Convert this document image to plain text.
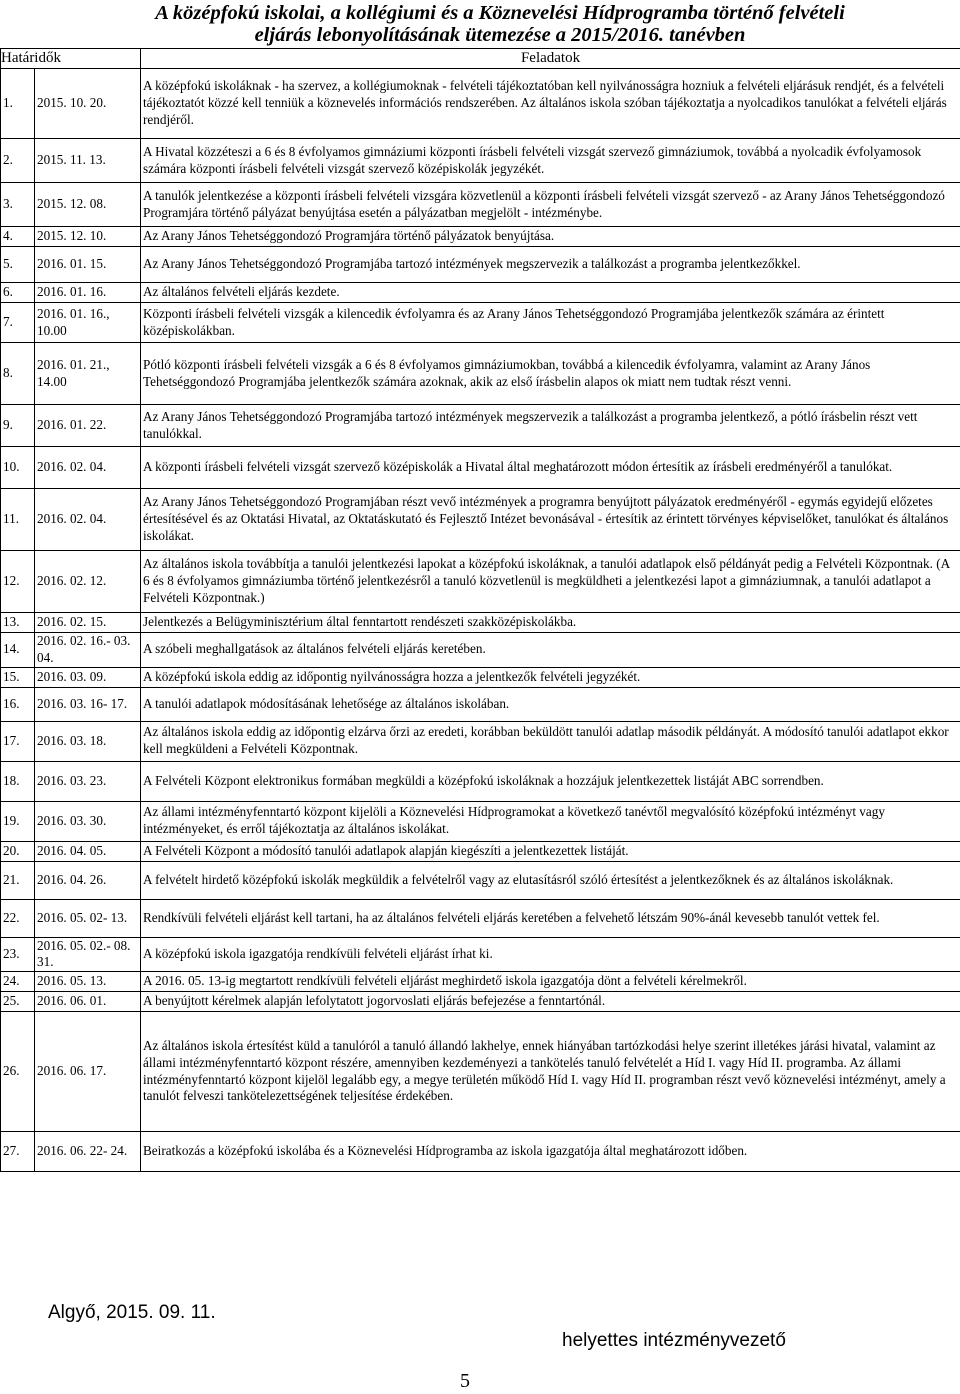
A középfokú iskolai, a kollégiumi és a Köznevelési Hídprogramba történő felvételi
eljárás lebonyolításának ütemezése a 2015/2016. tanévben
Határidők		Feladatok
1.	2015. 10. 20.	A középfokú iskoláknak - ha szervez, a kollégiumoknak - felvételi tájékoztatóban kell nyilvánosságra hozniuk a felvételi eljárásuk rendjét, és a felvételi tájékoztatót közzé kell tenniük a köznevelés információs rendszerében. Az általános iskola szóban tájékoztatja a nyolcadikos tanulókat a felvételi eljárás rendjéről.
2.	2015. 11. 13.	A Hivatal közzéteszi a 6 és 8 évfolyamos gimnáziumi központi írásbeli felvételi vizsgát szervező gimnáziumok, továbbá a nyolcadik évfolyamosok számára központi írásbeli felvételi vizsgát szervező középiskolák jegyzékét.
3.	2015. 12. 08.	A tanulók jelentkezése a központi írásbeli felvételi vizsgára közvetlenül a központi írásbeli felvételi vizsgát szervező - az Arany János Tehetséggondozó Programjára történő pályázat benyújtása esetén a pályázatban megjelölt - intézménybe.
4.	2015. 12. 10.	Az Arany János Tehetséggondozó Programjára történő pályázatok benyújtása.
5.	2016. 01. 15.	Az Arany János Tehetséggondozó Programjába tartozó intézmények megszervezik a találkozást a programba jelentkezőkkel.
6.	2016. 01. 16.	Az általános felvételi eljárás kezdete.
7.	2016. 01. 16., 10.00	Központi írásbeli felvételi vizsgák a kilencedik évfolyamra és az Arany János Tehetséggondozó Programjába jelentkezők számára az érintett középiskolákban.
8.	2016. 01. 21., 14.00	Pótló központi írásbeli felvételi vizsgák a 6 és 8 évfolyamos gimnáziumokban, továbbá a kilencedik évfolyamra, valamint az Arany János Tehetséggondozó Programjába jelentkezők számára azoknak, akik az első írásbelin alapos ok miatt nem tudtak részt venni.
9.	2016. 01. 22.	Az Arany János Tehetséggondozó Programjába tartozó intézmények megszervezik a találkozást a programba jelentkező, a pótló írásbelin részt vett tanulókkal.
10.	2016. 02. 04.	A központi írásbeli felvételi vizsgát szervező középiskolák a Hivatal által meghatározott módon értesítik az írásbeli eredményéről a tanulókat.
11.	2016. 02. 04.	Az Arany János Tehetséggondozó Programjában részt vevő intézmények a programra benyújtott pályázatok eredményéről - egymás egyidejű előzetes értesítésével és az Oktatási Hivatal, az Oktatáskutató és Fejlesztő Intézet bevonásával - értesítik az érintett törvényes képviselőket, tanulókat és általános iskolákat.
12.	2016. 02. 12.	Az általános iskola továbbítja a tanulói jelentkezési lapokat a középfokú iskoláknak, a tanulói adatlapok első példányát pedig a Felvételi Központnak. (A 6 és 8 évfolyamos gimnáziumba történő jelentkezésről a tanuló közvetlenül is megküldheti a jelentkezési lapot a gimnáziumnak, a tanulói adatlapot a Felvételi Központnak.)
13.	2016. 02. 15.	Jelentkezés a Belügyminisztérium által fenntartott rendészeti szakközépiskolákba.
14.	2016. 02. 16.- 03. 04.	A szóbeli meghallgatások az általános felvételi eljárás keretében.
15.	2016. 03. 09.	A középfokú iskola eddig az időpontig nyilvánosságra hozza a jelentkezők felvételi jegyzékét.
16.	2016. 03. 16- 17.	A tanulói adatlapok módosításának lehetősége az általános iskolában.
17.	2016. 03. 18.	Az általános iskola eddig az időpontig elzárva őrzi az eredeti, korábban beküldött tanulói adatlap második példányát. A módosító tanulói adatlapot ekkor kell megküldeni a Felvételi Központnak.
18.	2016. 03. 23.	A Felvételi Központ elektronikus formában megküldi a középfokú iskoláknak a hozzájuk jelentkezettek listáját ABC sorrendben.
19.	2016. 03. 30.	Az állami intézményfenntartó központ kijelöli a Köznevelési Hídprogramokat a következő tanévtől megvalósító középfokú intézményt vagy intézményeket, és erről tájékoztatja az általános iskolákat.
20.	2016. 04. 05.	A Felvételi Központ a módosító tanulói adatlapok alapján kiegészíti a jelentkezettek listáját.
21.	2016. 04. 26.	A felvételt hirdető középfokú iskolák megküldik a felvételről vagy az elutasításról szóló értesítést a jelentkezőknek és az általános iskoláknak.
22.	2016. 05. 02- 13.	Rendkívüli felvételi eljárást kell tartani, ha az általános felvételi eljárás keretében a felvehető létszám 90%-ánál kevesebb tanulót vettek fel.
23.	2016. 05. 02.- 08. 31.	A középfokú iskola igazgatója rendkívüli felvételi eljárást írhat ki.
24.	2016. 05. 13.	A 2016. 05. 13-ig megtartott rendkívüli felvételi eljárást meghirdető iskola igazgatója dönt a felvételi kérelmekről.
25.	2016. 06. 01.	A benyújtott kérelmek alapján lefolytatott jogorvoslati eljárás befejezése a fenntartónál.
26.	2016. 06. 17.	Az általános iskola értesítést küld a tanulóról a tanuló állandó lakhelye, ennek hiányában tartózkodási helye szerint illetékes járási hivatal, valamint az állami intézményfenntartó központ részére, amennyiben kezdeményezi a tankötelés tanuló felvételét a Híd I. vagy Híd II. programba. Az állami intézményfenntartó központ kijelöl legalább egy, a megye területén működő Híd I. vagy Híd II. programban részt vevő köznevelési intézményt, amely a tanulót felveszi tankötelezettségének teljesítése érdekében.
27.	2016. 06. 22- 24.	Beiratkozás a középfokú iskolába és a Köznevelési Hídprogramba az iskola igazgatója által meghatározott időben.
Algyő, 2015. 09. 11.
helyettes intézményvezető
5
